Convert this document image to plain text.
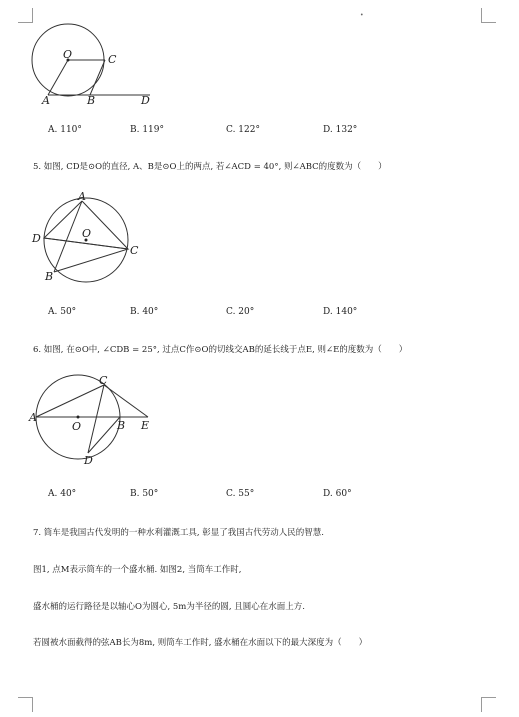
•
O	C
A	B	D
A. 110°	B. 119°	C. 122°	D. 132°
5. 如图, CD是⊙O的直径, A、B是⊙O上的两点, 若∠ACD = 40°, 则∠ABC的度数为（　　）
A
D	O
C
B
A. 50°	B. 40°	C. 20°	D. 140°
6. 如图, 在⊙O中, ∠CDB = 25°, 过点C作⊙O的切线交AB的延长线于点E, 则∠E的度数为（　　）
C
A
O	B E
D
A. 40°	B. 50°	C. 55°	D. 60°
7. 筒车是我国古代发明的一种水利灌溉工具, 彰显了我国古代劳动人民的智慧.
图1, 点M表示筒车的一个盛水桶. 如图2, 当筒车工作时,
盛水桶的运行路径是以轴心O为圆心, 5m为半径的圆, 且圆心在水面上方.
若圆被水面截得的弦AB长为8m, 则筒车工作时, 盛水桶在水面以下的最大深度为（　　）
